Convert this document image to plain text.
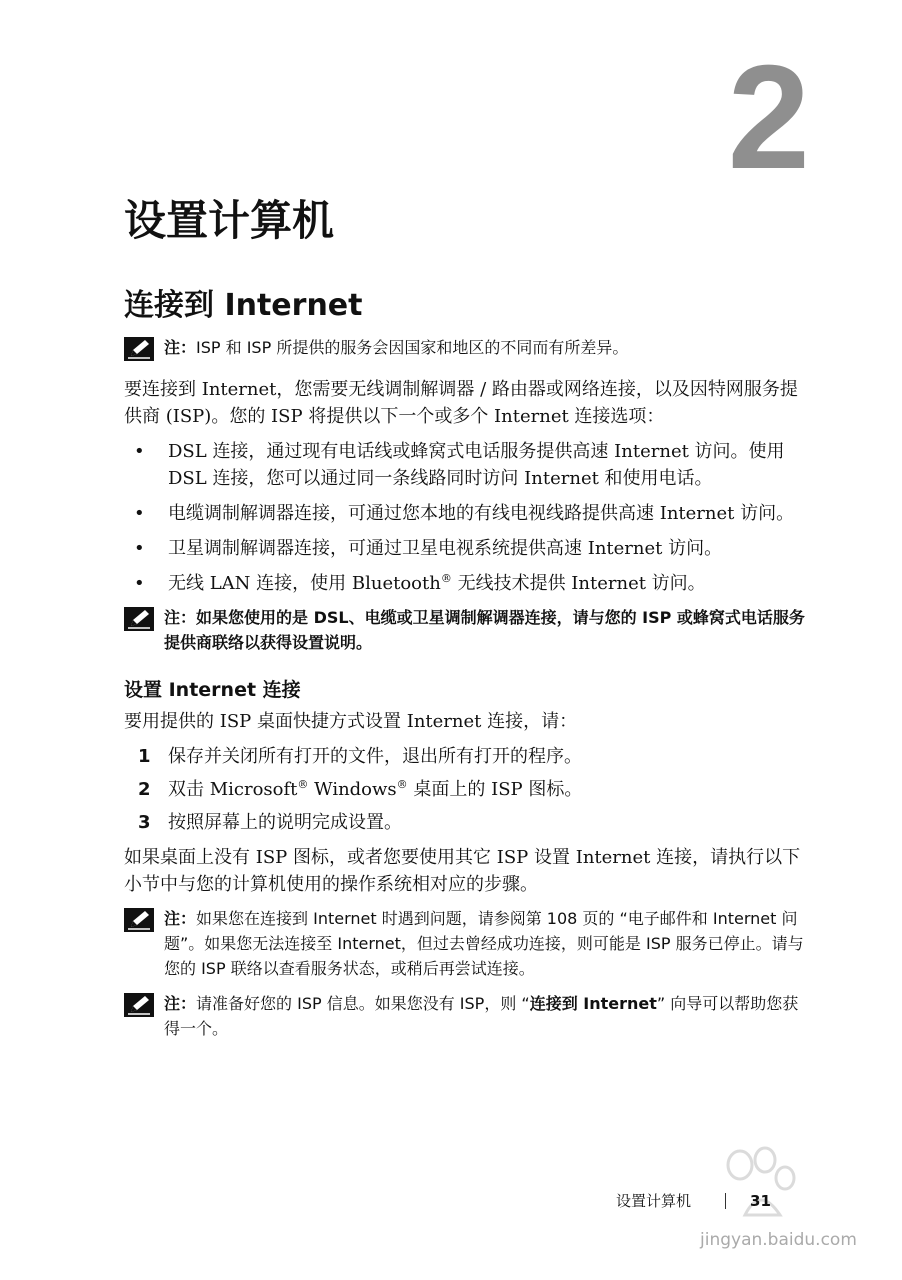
2
设置计算机
连接到 Internet
注：ISP 和 ISP 所提供的服务会因国家和地区的不同而有所差异。

要连接到 Internet，您需要无线调制解调器 / 路由器或网络连接，以及因特网服务提供商 (ISP)。您的 ISP 将提供以下一个或多个 Internet 连接选项：

•	DSL 连接，通过现有电话线或蜂窝式电话服务提供高速 Internet 访问。使用 DSL 连接，您可以通过同一条线路同时访问 Internet 和使用电话。
•	电缆调制解调器连接，可通过您本地的有线电视线路提供高速 Internet 访问。
•	卫星调制解调器连接，可通过卫星电视系统提供高速 Internet 访问。
•	无线 LAN 连接，使用 Bluetooth® 无线技术提供 Internet 访问。
注：如果您使用的是 DSL、电缆或卫星调制解调器连接，请与您的 ISP 或蜂窝式电话服务提供商联络以获得设置说明。
设置 Internet 连接

要用提供的 ISP 桌面快捷方式设置 Internet 连接，请：

1 保存并关闭所有打开的文件，退出所有打开的程序。
2 双击 Microsoft® Windows® 桌面上的 ISP 图标。
3 按照屏幕上的说明完成设置。

如果桌面上没有 ISP 图标，或者您要使用其它 ISP 设置 Internet 连接，请执行以下小节中与您的计算机使用的操作系统相对应的步骤。

注：如果您在连接到 Internet 时遇到问题，请参阅第 108 页的 “电子邮件和 Internet 问题”。如果您无法连接至 Internet，但过去曾经成功连接，则可能是 ISP 服务已停止。请与您的 ISP 联络以查看服务状态，或稍后再尝试连接。
注：请准备好您的 ISP 信息。如果您没有 ISP，则 “连接到 Internet” 向导可以帮助您获得一个。
设置计算机	31
jingyan.baidu.com
